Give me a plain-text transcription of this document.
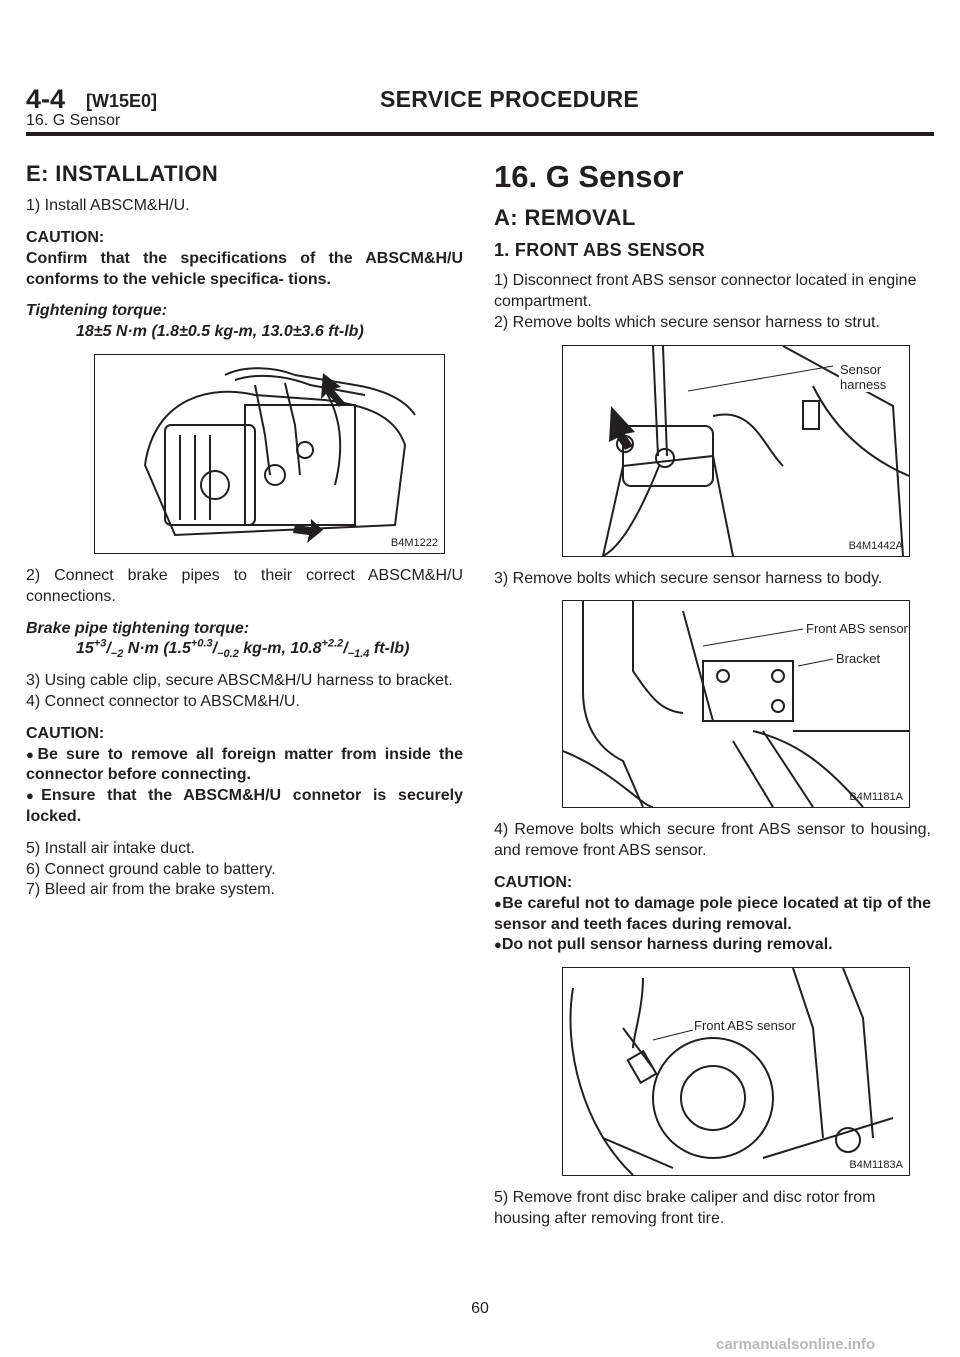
4-4 [W15E0]	SERVICE PROCEDURE
16. G Sensor
E: INSTALLATION

1) Install ABSCM&H/U.

CAUTION:

Confirm that the specifications of the ABSCM&H/U conforms to the vehicle specifica- tions.

Tightening torque:

18±5 N·m (1.8±0.5 kg-m, 13.0±3.6 ft-lb)

B4M1222

2) Connect brake pipes to their correct ABSCM&H/U connections.

Brake pipe tightening torque:

$15^{+3}/_{-2}$ N·m ($1.5^{+0.3}/_{-0.2}$ kg-m, $10.8^{+2.2}/_{-1.4}$ ft-lb)

3) Using cable clip, secure ABSCM&H/U harness to bracket.

4) Connect connector to ABSCM&H/U.

CAUTION:

●Be sure to remove all foreign matter from inside the connector before connecting.

●Ensure that the ABSCM&H/U connetor is securely locked.

5) Install air intake duct.

6) Connect ground cable to battery.

7) Bleed air from the brake system.

16. G Sensor
A: REMOVAL
1. FRONT ABS SENSOR

1) Disconnect front ABS sensor connector located in engine compartment.

2) Remove bolts which secure sensor harness to strut.

Sensor harness
B4M1442A

3) Remove bolts which secure sensor harness to body.

Front ABS sensor
Bracket
B4M1181A

4) Remove bolts which secure front ABS sensor to housing, and remove front ABS sensor.

CAUTION:

●Be careful not to damage pole piece located at tip of the sensor and teeth faces during removal.

●Do not pull sensor harness during removal.

Front ABS sensor
B4M1183A

5) Remove front disc brake caliper and disc rotor from housing after removing front tire.

60
carmanualsonline.info
